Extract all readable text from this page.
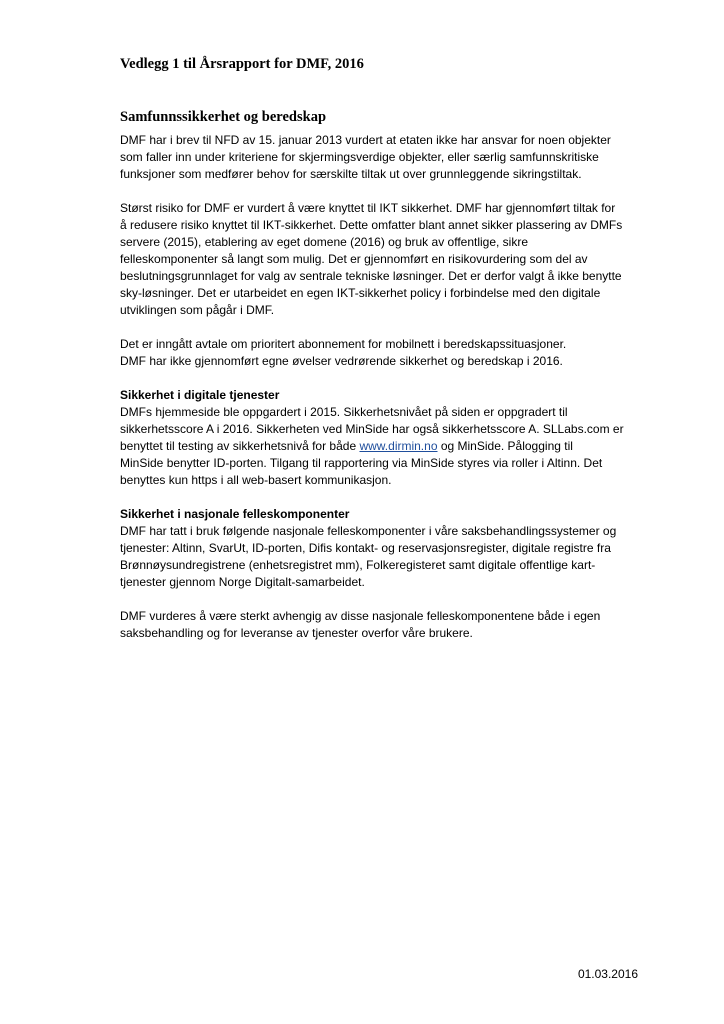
Vedlegg 1 til Årsrapport for DMF, 2016
Samfunnssikkerhet og beredskap

DMF har i brev til NFD av 15. januar 2013 vurdert at etaten ikke har ansvar for noen objekter
som faller inn under kriteriene for skjermingsverdige objekter, eller særlig samfunnskritiske
funksjoner som medfører behov for særskilte tiltak ut over grunnleggende sikringstiltak.

Størst risiko for DMF er vurdert å være knyttet til IKT sikkerhet. DMF har gjennomført tiltak for
å redusere risiko knyttet til IKT-sikkerhet. Dette omfatter blant annet sikker plassering av DMFs
servere (2015), etablering av eget domene (2016) og bruk av offentlige, sikre
felleskomponenter så langt som mulig. Det er gjennomført en risikovurdering som del av
beslutningsgrunnlaget for valg av sentrale tekniske løsninger. Det er derfor valgt å ikke benytte
sky-løsninger. Det er utarbeidet en egen IKT-sikkerhet policy i forbindelse med den digitale
utviklingen som pågår i DMF.

Det er inngått avtale om prioritert abonnement for mobilnett i beredskapssituasjoner.
DMF har ikke gjennomført egne øvelser vedrørende sikkerhet og beredskap i 2016.

Sikkerhet i digitale tjenester
DMFs hjemmeside ble oppgardert i 2015. Sikkerhetsnivået på siden er oppgradert til
sikkerhetsscore A i 2016. Sikkerheten ved MinSide har også sikkerhetsscore A. SLLabs.com er
benyttet til testing av sikkerhetsnivå for både www.dirmin.no og MinSide. Pålogging til
MinSide benytter ID-porten. Tilgang til rapportering via MinSide styres via roller i Altinn. Det
benyttes kun https i all web-basert kommunikasjon.

Sikkerhet i nasjonale felleskomponenter
DMF har tatt i bruk følgende nasjonale felleskomponenter i våre saksbehandlingssystemer og
tjenester: Altinn, SvarUt, ID-porten, Difis kontakt- og reservasjonsregister, digitale registre fra
Brønnøysundregistrene (enhetsregistret mm), Folkeregisteret samt digitale offentlige kart-
tjenester gjennom Norge Digitalt-samarbeidet.

DMF vurderes å være sterkt avhengig av disse nasjonale felleskomponentene både i egen
saksbehandling og for leveranse av tjenester overfor våre brukere.

01.03.2016
